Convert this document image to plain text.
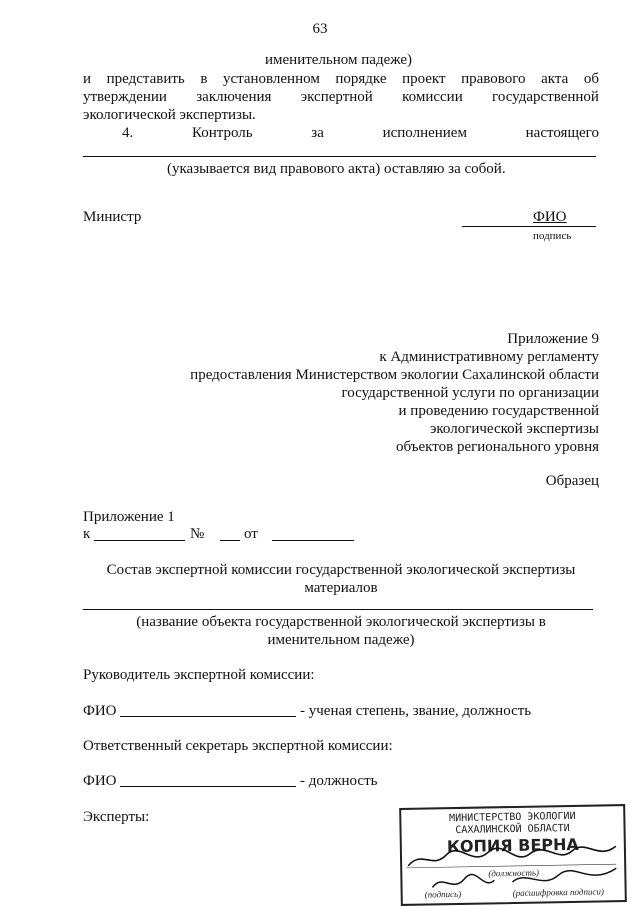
63
именительном падеже)
и представить в установленном порядке проект правового акта об
утверждении заключения экспертной комиссии государственной
экологической экспертизы.
4.	Контроль	за	исполнением	настоящего
(указывается вид правового акта) оставляю за собой.
Министр	ФИО
подпись
Приложение 9
к Административному регламенту
предоставления Министерством экологии Сахалинской области
государственной услуги по организации
и проведению государственной
экологической экспертизы
объектов регионального уровня
Образец
Приложение 1
к	№	от
Состав экспертной комиссии государственной экологической экспертизы
материалов
(название объекта государственной экологической экспертизы в
именительном падеже)
Руководитель экспертной комиссии:
ФИО	- ученая степень, звание, должность
Ответственный секретарь экспертной комиссии:
ФИО	- должность
Эксперты:	МИНИСТЕРСТВО ЭКОЛОГИИ
САХАЛИНСКОЙ ОБЛАСТИ
КОПИЯ ВЕРНА
(должность)
(подпись)	(расшифровка подписи)
